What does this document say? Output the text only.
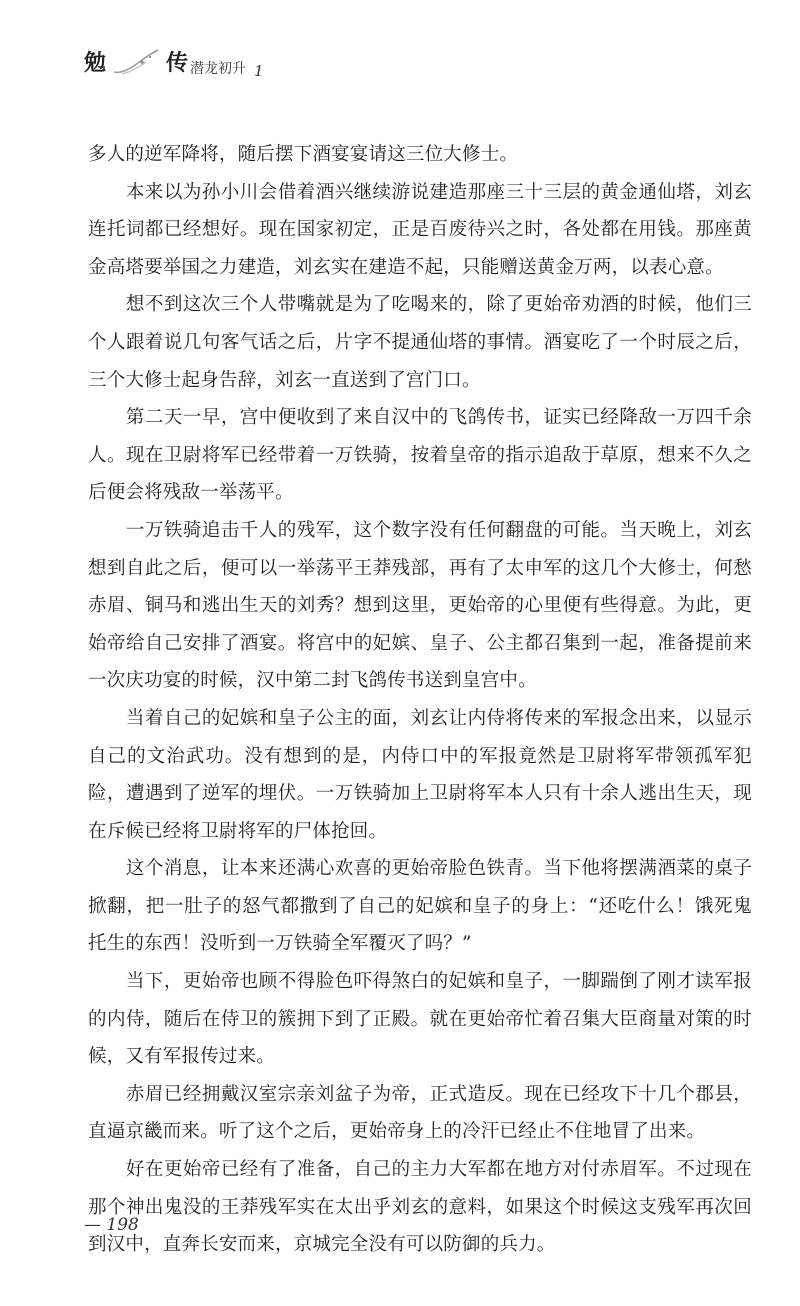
勉	传 潜龙初升 1

多人的逆军降将，随后摆下酒宴宴请这三位大修士。

本来以为孙小川会借着酒兴继续游说建造那座三十三层的黄金通仙塔，刘玄连托词都已经想好。现在国家初定，正是百废待兴之时，各处都在用钱。那座黄金高塔要举国之力建造，刘玄实在建造不起，只能赠送黄金万两，以表心意。

想不到这次三个人带嘴就是为了吃喝来的，除了更始帝劝酒的时候，他们三个人跟着说几句客气话之后，片字不提通仙塔的事情。酒宴吃了一个时辰之后，三个大修士起身告辞，刘玄一直送到了宫门口。

第二天一早，宫中便收到了来自汉中的飞鸽传书，证实已经降敌一万四千余人。现在卫尉将军已经带着一万铁骑，按着皇帝的指示追敌于草原，想来不久之后便会将残敌一举荡平。

一万铁骑追击千人的残军，这个数字没有任何翻盘的可能。当天晚上，刘玄想到自此之后，便可以一举荡平王莽残部，再有了太申军的这几个大修士，何愁赤眉、铜马和逃出生天的刘秀？想到这里，更始帝的心里便有些得意。为此，更始帝给自己安排了酒宴。将宫中的妃嫔、皇子、公主都召集到一起，准备提前来一次庆功宴的时候，汉中第二封飞鸽传书送到皇宫中。

当着自己的妃嫔和皇子公主的面，刘玄让内侍将传来的军报念出来，以显示自己的文治武功。没有想到的是，内侍口中的军报竟然是卫尉将军带领孤军犯险，遭遇到了逆军的埋伏。一万铁骑加上卫尉将军本人只有十余人逃出生天，现在斥候已经将卫尉将军的尸体抢回。

这个消息，让本来还满心欢喜的更始帝脸色铁青。当下他将摆满酒菜的桌子掀翻，把一肚子的怒气都撒到了自己的妃嫔和皇子的身上：“还吃什么！饿死鬼托生的东西！没听到一万铁骑全军覆灭了吗？”

当下，更始帝也顾不得脸色吓得煞白的妃嫔和皇子，一脚踹倒了刚才读军报的内侍，随后在侍卫的簇拥下到了正殿。就在更始帝忙着召集大臣商量对策的时候，又有军报传过来。

赤眉已经拥戴汉室宗亲刘盆子为帝，正式造反。现在已经攻下十几个郡县，直逼京畿而来。听了这个之后，更始帝身上的冷汗已经止不住地冒了出来。

好在更始帝已经有了准备，自己的主力大军都在地方对付赤眉军。不过现在那个神出鬼没的王莽残军实在太出乎刘玄的意料，如果这个时候这支残军再次回到汉中，直奔长安而来，京城完全没有可以防御的兵力。

— 198
